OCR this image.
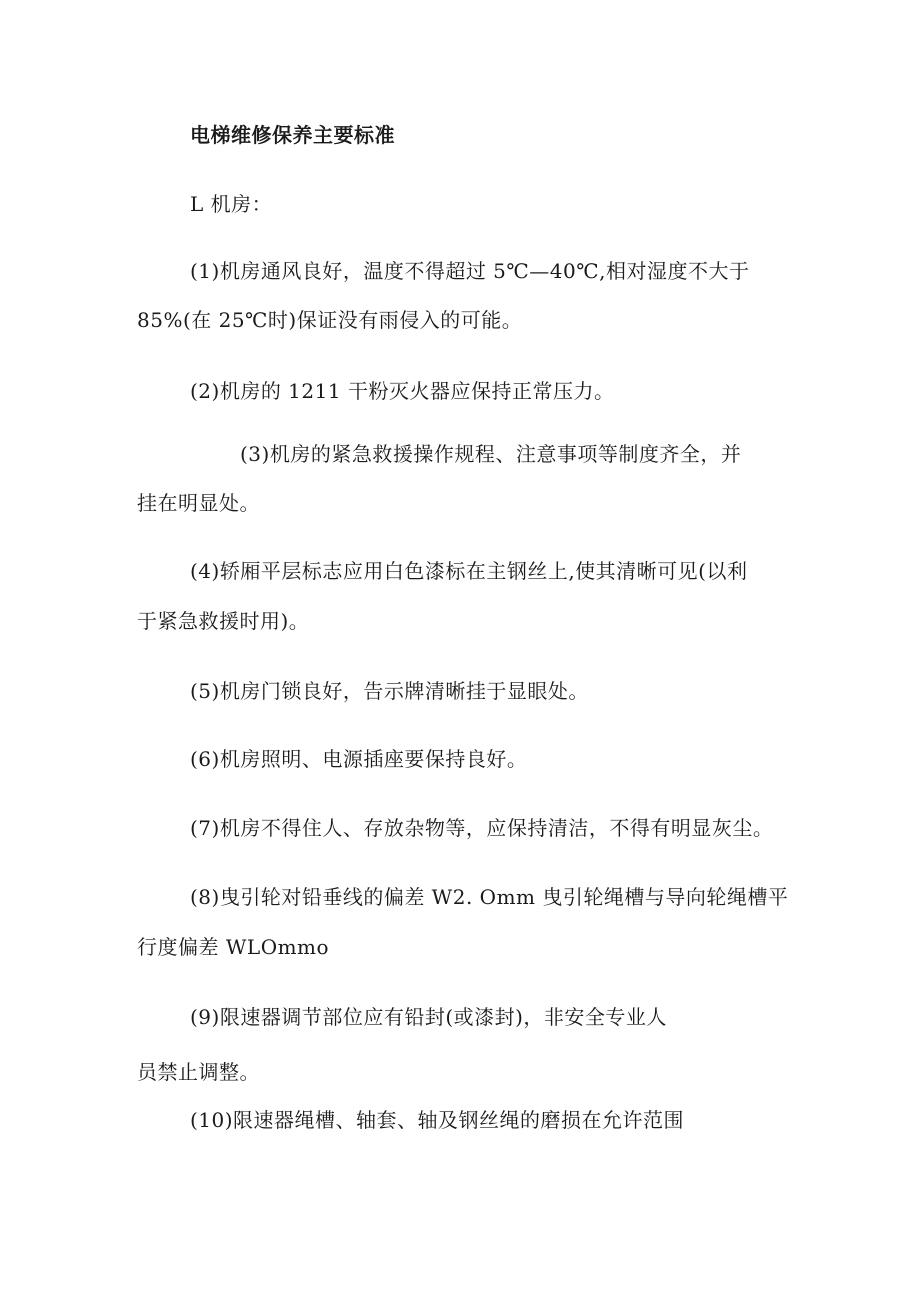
电梯维修保养主要标准
L 机房：
(1)机房通风良好，温度不得超过 5℃—40℃,相对湿度不大于
85%(在 25℃时)保证没有雨侵入的可能。
(2)机房的 1211 干粉灭火器应保持正常压力。
(3)机房的紧急救援操作规程、注意事项等制度齐全，并
挂在明显处。
(4)轿厢平层标志应用白色漆标在主钢丝上,使其清晰可见(以利
于紧急救援时用)。
(5)机房门锁良好，告示牌清晰挂于显眼处。
(6)机房照明、电源插座要保持良好。
(7)机房不得住人、存放杂物等，应保持清洁，不得有明显灰尘。
(8)曳引轮对铅垂线的偏差 W2. Omm 曳引轮绳槽与导向轮绳槽平
行度偏差 WLOmmo
(9)限速器调节部位应有铅封(或漆封)，非安全专业人
员禁止调整。
(10)限速器绳槽、轴套、轴及钢丝绳的磨损在允许范围
